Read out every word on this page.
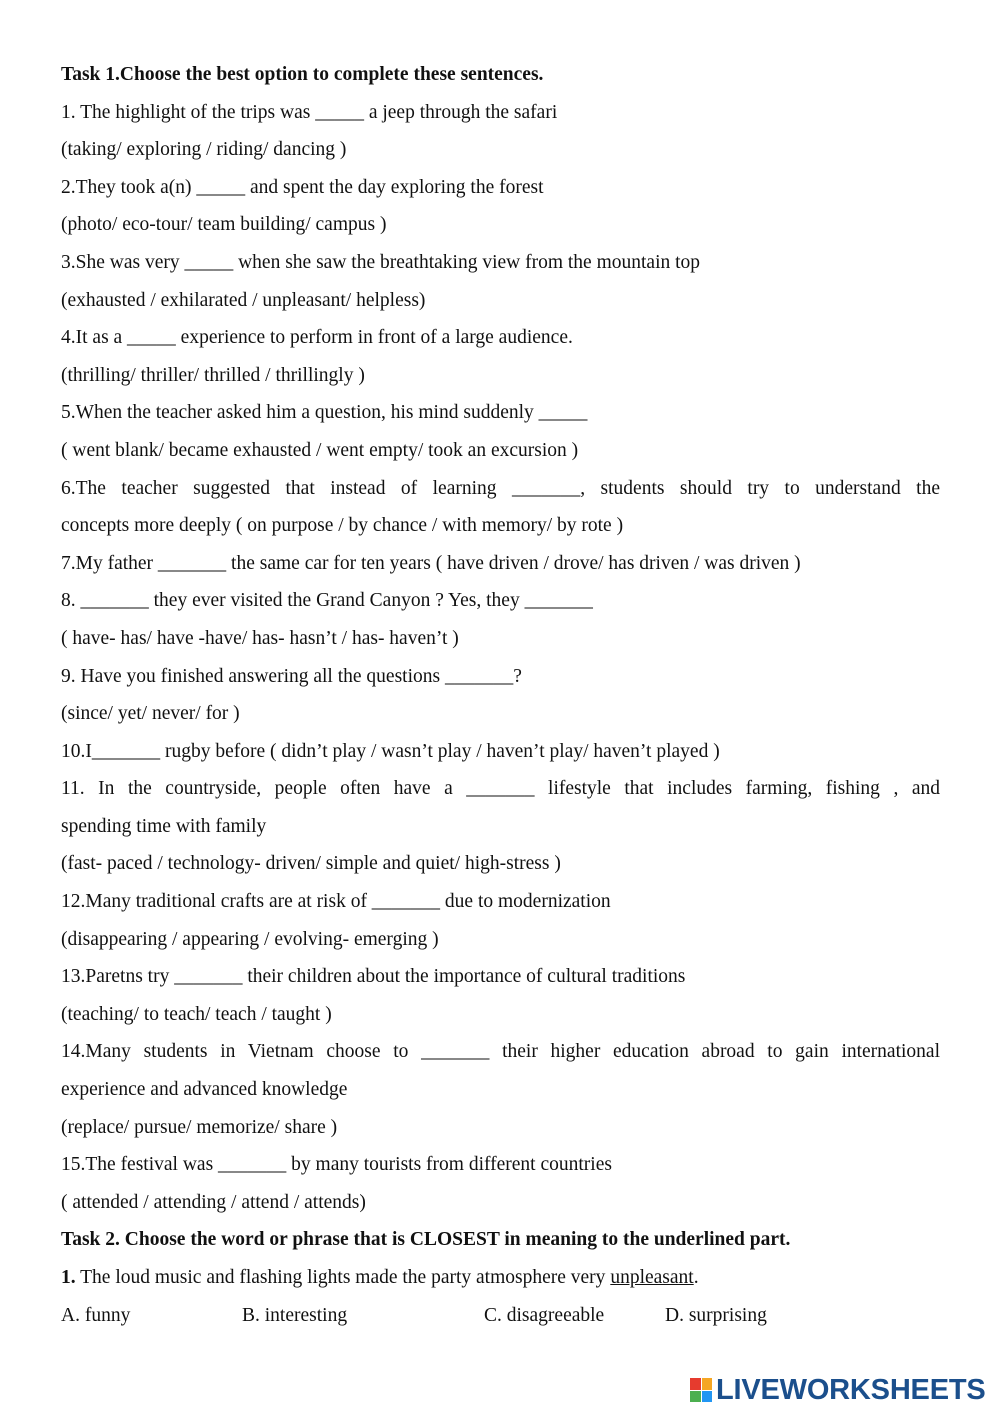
Task 1.Choose the best option to complete these sentences.
1. The highlight of the trips was _____ a jeep through the safari
(taking/ exploring / riding/ dancing )
2.They took a(n) _____ and spent the day exploring the forest
(photo/ eco-tour/ team building/ campus )
3.She was very _____ when she saw the breathtaking view from the mountain top
(exhausted / exhilarated / unpleasant/ helpless)
4.It as a _____ experience to perform in front of a large audience.
(thrilling/ thriller/ thrilled / thrillingly )
5.When the teacher asked him a question, his mind suddenly _____
( went blank/ became exhausted / went empty/ took an excursion )
6.The teacher suggested that instead of learning _______, students should try to understand the
concepts more deeply ( on purpose / by chance / with memory/ by rote )
7.My father _______ the same car for ten years ( have driven / drove/ has driven / was driven )
8. _______ they ever visited the Grand Canyon ? Yes, they _______
( have- has/ have -have/ has- hasn’t / has- haven’t )
9. Have you finished answering all the questions _______?
(since/ yet/ never/ for )
10.I_______ rugby before ( didn’t play / wasn’t play / haven’t play/ haven’t played )
11. In the countryside, people often have a _______ lifestyle that includes farming, fishing , and
spending time with family
(fast- paced / technology- driven/ simple and quiet/ high-stress )
12.Many traditional crafts are at risk of _______ due to modernization
(disappearing / appearing / evolving- emerging )
13.Paretns try _______ their children about the importance of cultural traditions
(teaching/ to teach/ teach / taught )
14.Many students in Vietnam choose to _______ their higher education abroad to gain international
experience and advanced knowledge
(replace/ pursue/ memorize/ share )
15.The festival was _______ by many tourists from different countries
( attended / attending / attend / attends)
Task 2. Choose the word or phrase that is CLOSEST in meaning to the underlined part.
1. The loud music and flashing lights made the party atmosphere very unpleasant.
A. funny	B. interesting	C. disagreeable	D. surprising
LIVEWORKSHEETS
